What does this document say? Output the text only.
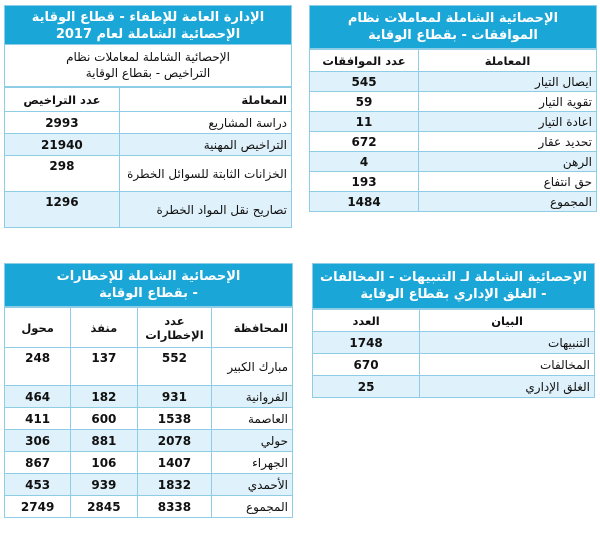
الإحصائية الشاملة لمعاملات نظام
الموافقات - بقطاع الوقاية
المعاملة	عدد الموافقات
ايصال التيار	545
تقوية التيار	59
اعادة التيار	11
تحديد عقار	672
الرهن	4
حق انتفاع	193
المجموع	1484
الإدارة العامة للإطفاء - قطاع الوقاية
الإحصائية الشاملة لعام 2017
الإحصائية الشاملة لمعاملات نظام
التراخيص - بقطاع الوقاية
المعاملة	عدد التراخيص
دراسة المشاريع	2993
التراخيص المهنية	21940
الخزانات الثابتة للسوائل الخطرة	298
تصاريح نقل المواد الخطرة	1296
الإحصائية الشاملة لـ التنبيهات - المخالفات
- الغلق الإداري بقطاع الوقاية
البيان	العدد
التنبيهات	1748
المخالفات	670
الغلق الإداري	25
الإحصائية الشاملة للإخطارات
- بقطاع الوقاية
المحافظة	عدد الإخطارات	منفذ	محول
مبارك الكبير	552	137	248
الفروانية	931	182	464
العاصمة	1538	600	411
حولي	2078	881	306
الجهراء	1407	106	867
الأحمدي	1832	939	453
المجموع	8338	2845	2749
